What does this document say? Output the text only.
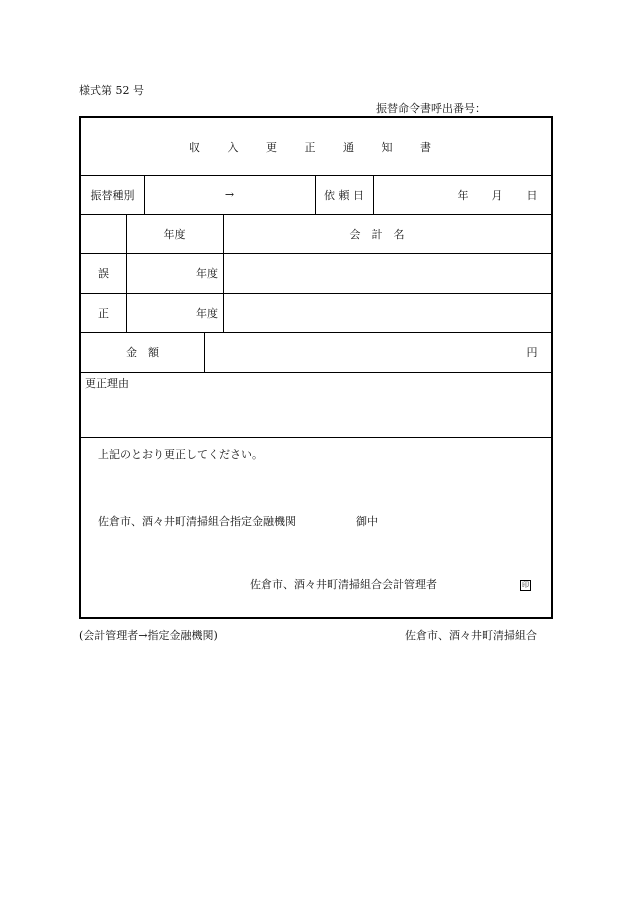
様式第 52 号
振替命令書呼出番号：
収 入 更 正 通 知 書
振替種別	→	依 頼 日	年	月	日
年度	会　計　名
誤	年度
正	年度
金　額	円
更正理由
上記のとおり更正してください。
佐倉市、酒々井町清掃組合指定金融機関	御中
佐倉市、酒々井町清掃組合会計管理者	印
(会計管理者→指定金融機関)	佐倉市、酒々井町清掃組合
